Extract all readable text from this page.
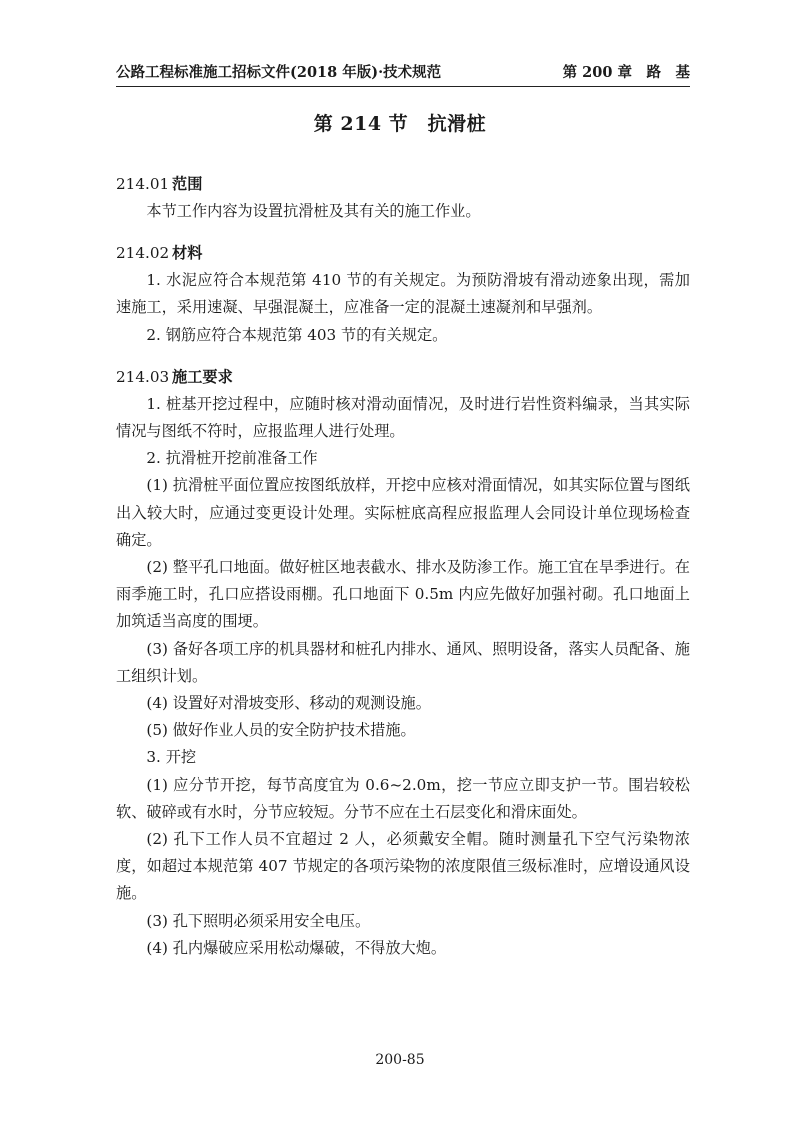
公路工程标准施工招标文件(2018 年版)·技术规范	第 200 章　路　基
第 214 节　抗滑桩
214.01 范围

本节工作内容为设置抗滑桩及其有关的施工作业。

214.02 材料

1. 水泥应符合本规范第 410 节的有关规定。为预防滑坡有滑动迹象出现，需加速施工，采用速凝、早强混凝土，应准备一定的混凝土速凝剂和早强剂。

2. 钢筋应符合本规范第 403 节的有关规定。

214.03 施工要求

1. 桩基开挖过程中，应随时核对滑动面情况，及时进行岩性资料编录，当其实际情况与图纸不符时，应报监理人进行处理。

2. 抗滑桩开挖前准备工作

(1) 抗滑桩平面位置应按图纸放样，开挖中应核对滑面情况，如其实际位置与图纸出入较大时，应通过变更设计处理。实际桩底高程应报监理人会同设计单位现场检查确定。

(2) 整平孔口地面。做好桩区地表截水、排水及防渗工作。施工宜在旱季进行。在雨季施工时，孔口应搭设雨棚。孔口地面下 0.5m 内应先做好加强衬砌。孔口地面上加筑适当高度的围埂。

(3) 备好各项工序的机具器材和桩孔内排水、通风、照明设备，落实人员配备、施工组织计划。

(4) 设置好对滑坡变形、移动的观测设施。

(5) 做好作业人员的安全防护技术措施。

3. 开挖

(1) 应分节开挖，每节高度宜为 0.6~2.0m，挖一节应立即支护一节。围岩较松软、破碎或有水时，分节应较短。分节不应在土石层变化和滑床面处。

(2) 孔下工作人员不宜超过 2 人，必须戴安全帽。随时测量孔下空气污染物浓度，如超过本规范第 407 节规定的各项污染物的浓度限值三级标准时，应增设通风设施。

(3) 孔下照明必须采用安全电压。

(4) 孔内爆破应采用松动爆破，不得放大炮。

200-85
